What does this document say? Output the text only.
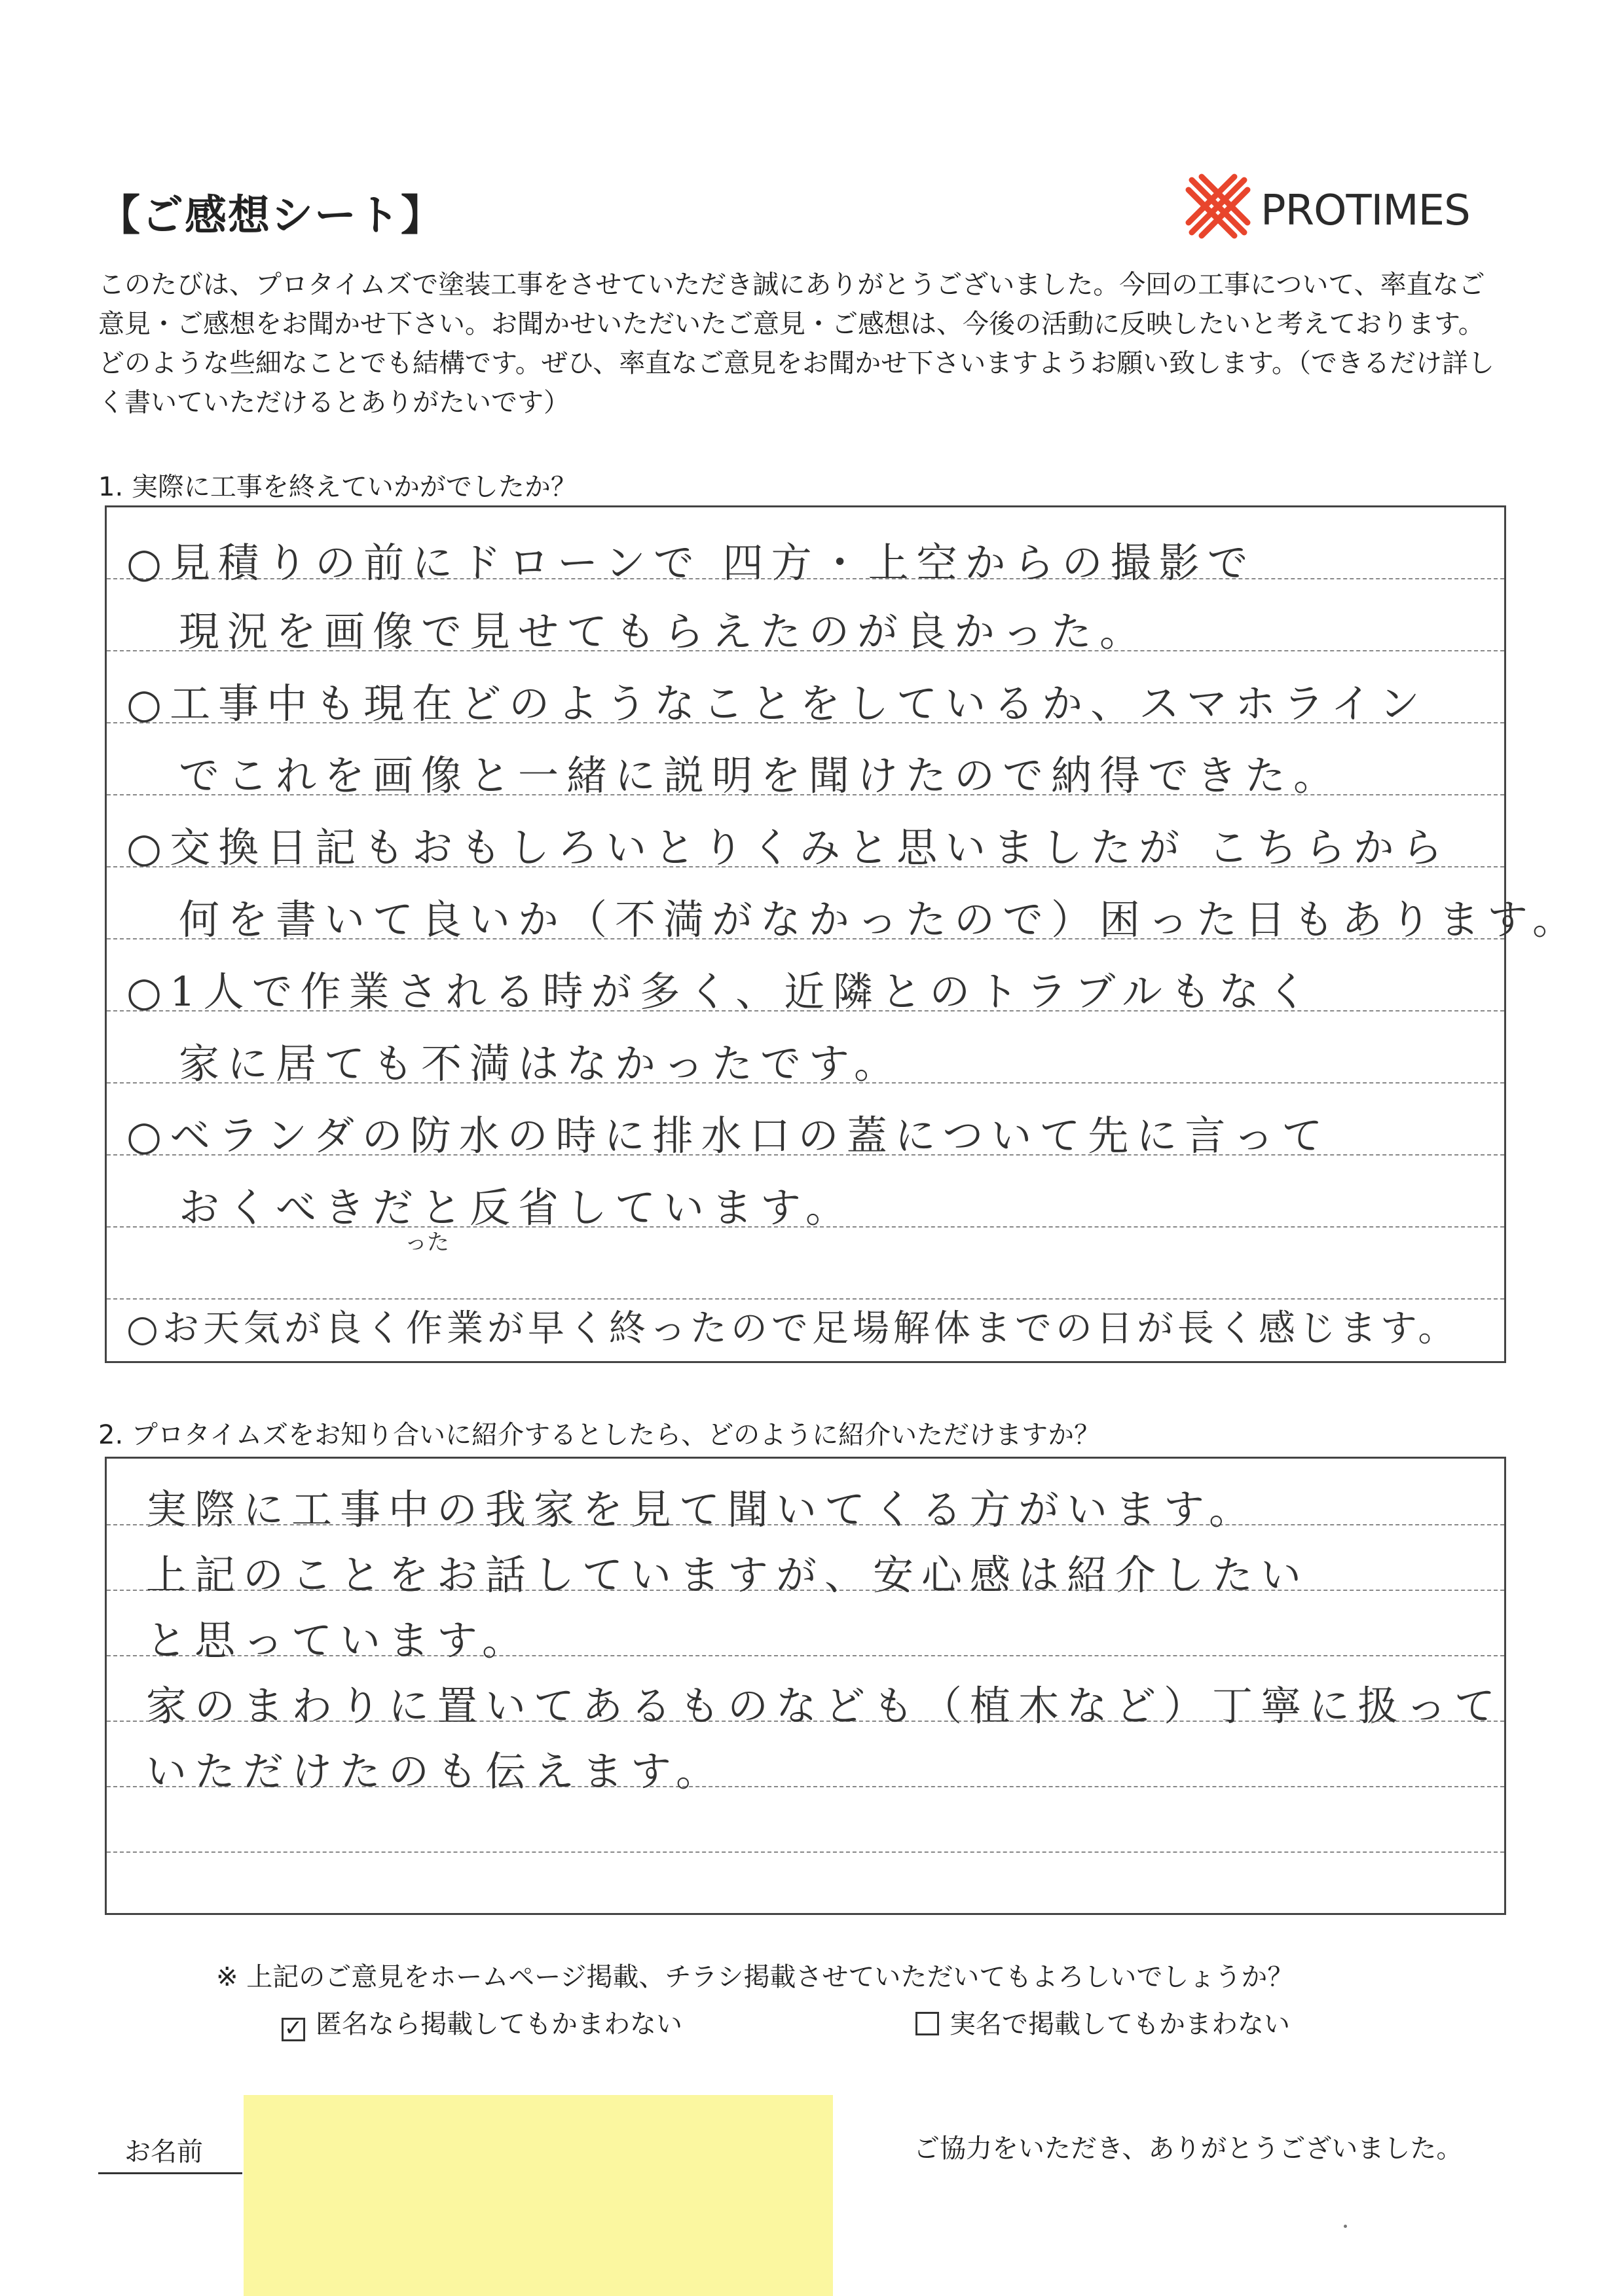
【ご感想シート】	PROTIMES
このたびは、プロタイムズで塗装工事をさせていただき誠にありがとうございました。今回の工事について、率直なご意見・ご感想をお聞かせ下さい。お聞かせいただいたご意見・ご感想は、今後の活動に反映したいと考えております。どのような些細なことでも結構です。ぜひ、率直なご意見をお聞かせ下さいますようお願い致します。（できるだけ詳しく書いていただけるとありがたいです）
1. 実際に工事を終えていかがでしたか？
○見積りの前にドローンで 四方・上空からの撮影で
現況を画像で見せてもらえたのが良かった。
○工事中も現在どのようなことをしているか、スマホライン
でこれを画像と一緒に説明を聞けたので納得できた。
○交換日記もおもしろいとりくみと思いましたが こちらから
何を書いて良いか（不満がなかったので）困った日もあります。
○1人で作業される時が多く、近隣とのトラブルもなく
家に居ても不満はなかったです。
○ベランダの防水の時に排水口の蓋について先に言って
おくべきだと反省しています。
った
○お天気が良く作業が早く終ったので足場解体までの日が長く感じます。
2. プロタイムズをお知り合いに紹介するとしたら、どのように紹介いただけますか？
実際に工事中の我家を見て聞いてくる方がいます。
上記のことをお話していますが、安心感は紹介したい
と思っています。
家のまわりに置いてあるものなども（植木など）丁寧に扱って
いただけたのも伝えます。
※ 上記のご意見をホームページ掲載、チラシ掲載させていただいてもよろしいでしょうか？
✓ 匿名なら掲載してもかまわない	実名で掲載してもかまわない
お名前	ご協力をいただき、ありがとうございました。
